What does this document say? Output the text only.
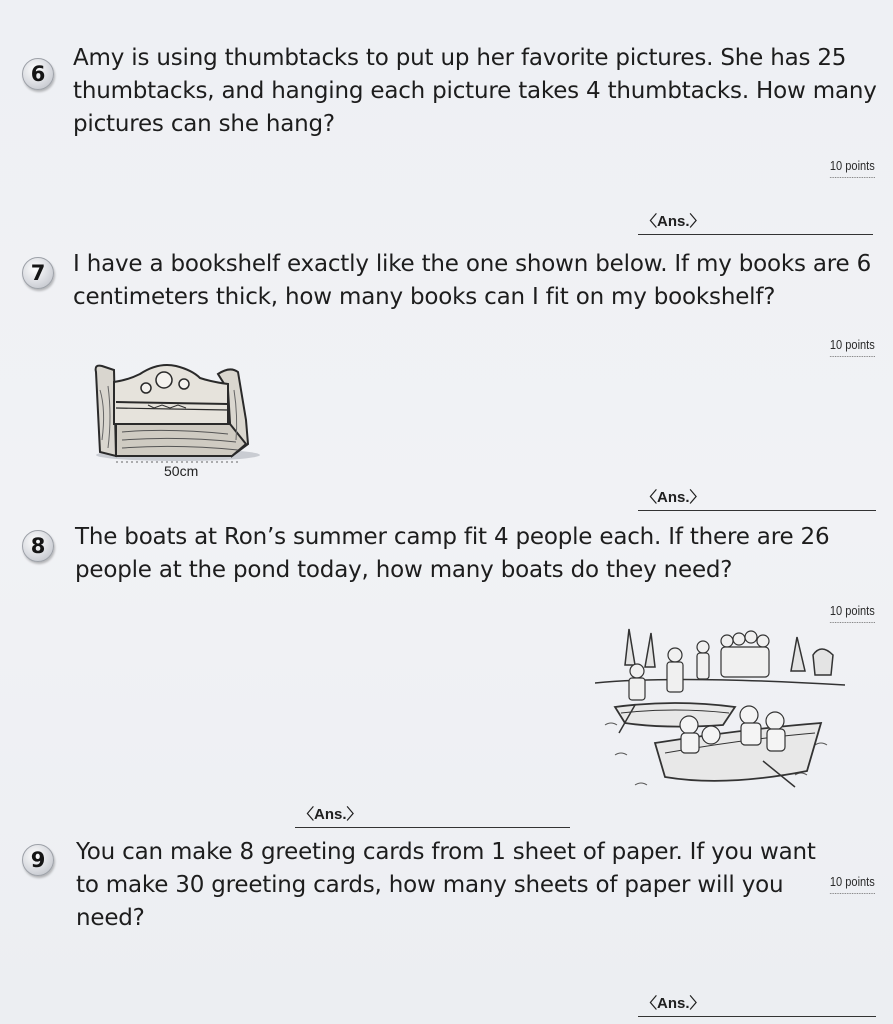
6

Amy is using thumbtacks to put up her favorite pictures. She has 25 thumbtacks, and hanging each picture takes 4 thumbtacks. How many pictures can she hang?

10 points
〈Ans.〉
7	I have a bookshelf exactly like the one shown below. If my books are 6 centimeters thick, how many books can I fit on my bookshelf?

10 points
50cm
〈Ans.〉
8	The boats at Ron’s summer camp fit 4 people each. If there are 26 people at the pond today, how many boats do they need?

10 points
〈Ans.〉
9	You can make 8 greeting cards from 1 sheet of paper. If you want to make 30 greeting cards, how many sheets of paper will you need?

10 points
〈Ans.〉
